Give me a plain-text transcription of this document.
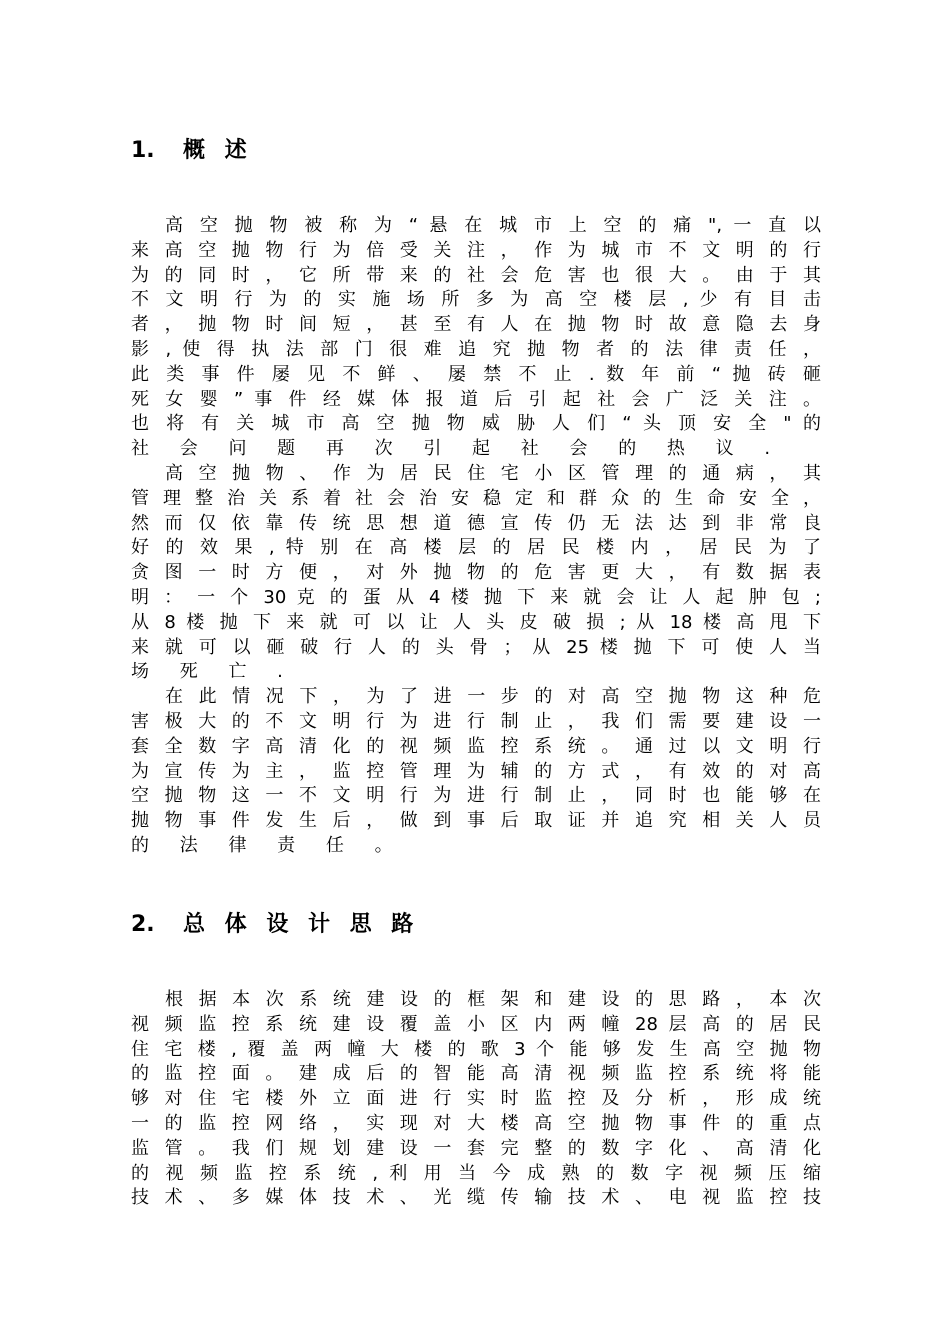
1. 概 述
高 空 抛 物 被 称 为 “ 悬 在 城 市 上 空 的 痛 ", 一 直 以
来 高 空 抛 物 行 为 倍 受 关 注 ， 作 为 城 市 不 文 明 的 行
为 的 同 时 ， 它 所 带 来 的 社 会 危 害 也 很 大 。 由 于 其
不 文 明 行 为 的 实 施 场 所 多 为 高 空 楼 层 , 少 有 目 击
者 ， 抛 物 时 间 短 ， 甚 至 有 人 在 抛 物 时 故 意 隐 去 身
影 , 使 得 执 法 部 门 很 难 追 究 抛 物 者 的 法 律 责 任 ，
此 类 事 件 屡 见 不 鲜 、 屡 禁 不 止 . 数 年 前 “ 抛 砖 砸
死 女 婴 ” 事 件 经 媒 体 报 道 后 引 起 社 会 广 泛 关 注 。
也 将 有 关 城 市 高 空 抛 物 威 胁 人 们 “ 头 顶 安 全 " 的
社 会 问 题 再 次 引 起 社 会 的 热 议 .
高 空 抛 物 、 作 为 居 民 住 宅 小 区 管 理 的 通 病 ， 其
管 理 整 治 关 系 着 社 会 治 安 稳 定 和 群 众 的 生 命 安 全 ，
然 而 仅 依 靠 传 统 思 想 道 德 宣 传 仍 无 法 达 到 非 常 良
好 的 效 果 , 特 别 在 高 楼 层 的 居 民 楼 内 ， 居 民 为 了
贪 图 一 时 方 便 ， 对 外 抛 物 的 危 害 更 大 ， 有 数 据 表
明 ： 一 个 30 克 的 蛋 从 4 楼 抛 下 来 就 会 让 人 起 肿 包 ;
从 8 楼 抛 下 来 就 可 以 让 人 头 皮 破 损 ; 从 18 楼 高 甩 下
来 就 可 以 砸 破 行 人 的 头 骨 ； 从 25 楼 抛 下 可 使 人 当
场 死 亡 .
在 此 情 况 下 ， 为 了 进 一 步 的 对 高 空 抛 物 这 种 危
害 极 大 的 不 文 明 行 为 进 行 制 止 ， 我 们 需 要 建 设 一
套 全 数 字 高 清 化 的 视 频 监 控 系 统 。 通 过 以 文 明 行
为 宣 传 为 主 ， 监 控 管 理 为 辅 的 方 式 ， 有 效 的 对 高
空 抛 物 这 一 不 文 明 行 为 进 行 制 止 ， 同 时 也 能 够 在
抛 物 事 件 发 生 后 ， 做 到 事 后 取 证 并 追 究 相 关 人 员
的 法 律 责 任 。
2. 总 体 设 计 思 路
根 据 本 次 系 统 建 设 的 框 架 和 建 设 的 思 路 ， 本 次
视 频 监 控 系 统 建 设 覆 盖 小 区 内 两 幢 28 层 高 的 居 民
住 宅 楼 , 覆 盖 两 幢 大 楼 的 歌 3 个 能 够 发 生 高 空 抛 物
的 监 控 面 。 建 成 后 的 智 能 高 清 视 频 监 控 系 统 将 能
够 对 住 宅 楼 外 立 面 进 行 实 时 监 控 及 分 析 ， 形 成 统
一 的 监 控 网 络 ， 实 现 对 大 楼 高 空 抛 物 事 件 的 重 点
监 管 。 我 们 规 划 建 设 一 套 完 整 的 数 字 化 、 高 清 化
的 视 频 监 控 系 统 , 利 用 当 今 成 熟 的 数 字 视 频 压 缩
技 术 、 多 媒 体 技 术 、 光 缆 传 输 技 术 、 电 视 监 控 技
